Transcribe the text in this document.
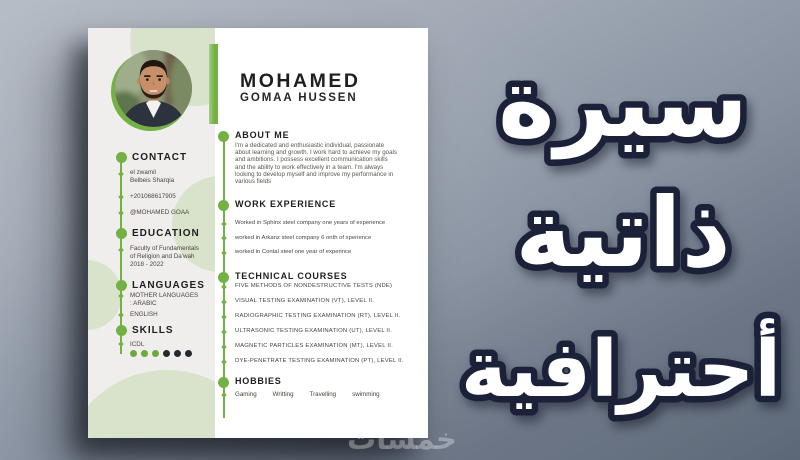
MOHAMED
GOMAA HUSSEN
CONTACT
el zwamil
Belbeis Sharqia
+201068617905
@MOHAMED GOAA
EDUCATION
Faculty of Fundamentals
of Religion and Da'wah
2018 - 2022
LANGUAGES
MOTHER LANGUAGES
: ARABIC
ENGLISH
SKILLS
ICDL
ABOUT ME
I'm a dedicated and enthusiastic individual, passionate about learning and growth. I work hard to achieve my goals and ambitions. I possess excellent communication skills and the ability to work effectively in a team. I'm always looking to develop myself and improve my performance in various fields
WORK EXPERIENCE
Worked in Sphinx steel company one years of experience
worked in Arkanz steel company 6 onth of xperience
worked in Contal steel one year of experince
TECHNICAL COURSES
FIVE METHODS OF NONDESTRUCTIVE TESTS (NDE)
VISUAL TESTING EXAMINATION (VT), LEVEL II.
RADIOGRAPHIC TESTING EXAMINATION (RT), LEVEL II.
ULTRASONIC TESTING EXAMINATION (UT), LEVEL II.
MAGNETIC PARTICLES EXAMINATION (MT), LEVEL II.
DYE-PENETRATE TESTING EXAMINATION (PT), LEVEL II.
HOBBIES
Gaming	Writting	Travelling	swimming
سيرة
ذاتية
أحترافية
خمسات
